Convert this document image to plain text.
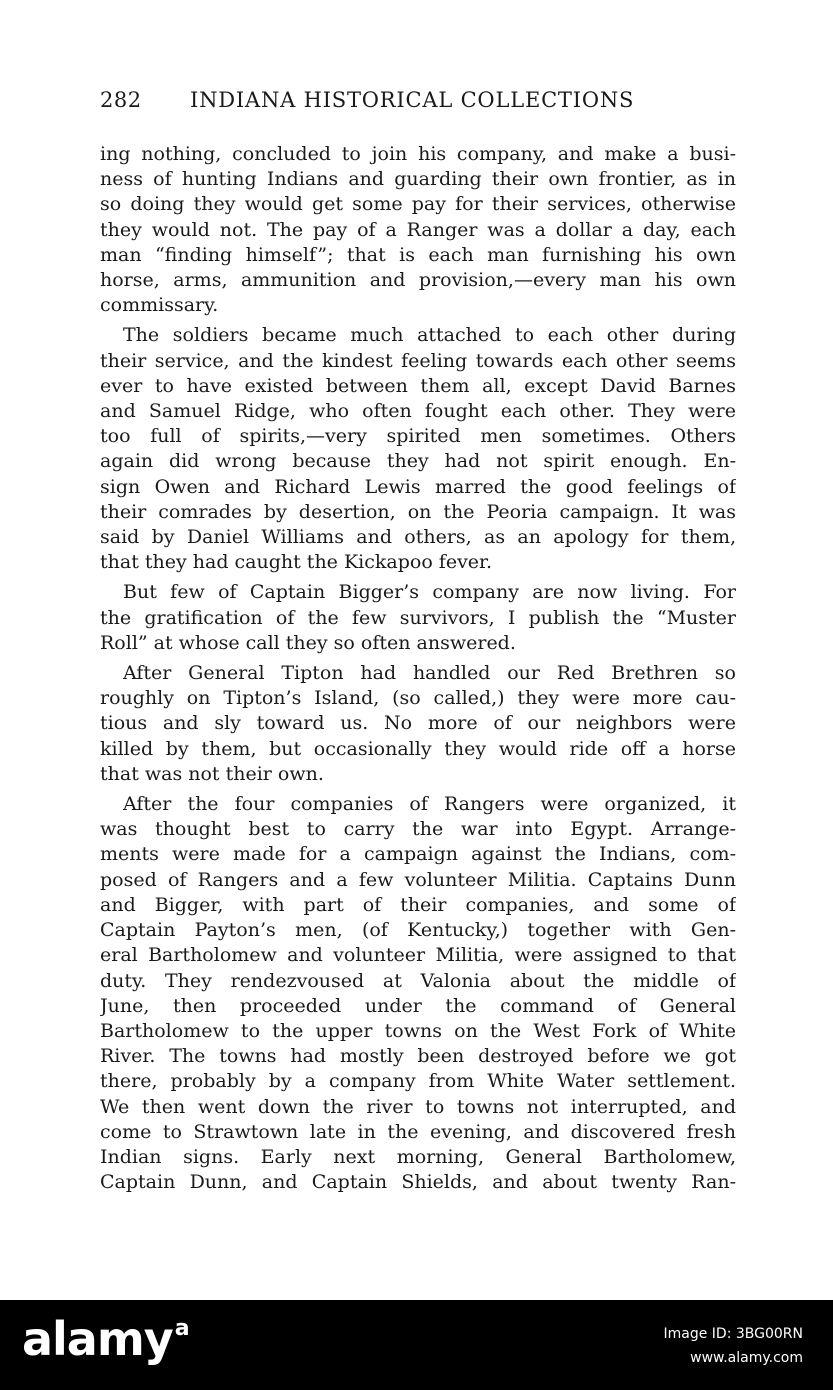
282 INDIANA HISTORICAL COLLECTIONS

ing nothing, concluded to join his company, and make a busi-
ness of hunting Indians and guarding their own frontier, as in
so doing they would get some pay for their services, otherwise
they would not. The pay of a Ranger was a dollar a day, each
man “finding himself”; that is each man furnishing his own
horse, arms, ammunition and provision,—every man his own
commissary.

The soldiers became much attached to each other during
their service, and the kindest feeling towards each other seems
ever to have existed between them all, except David Barnes
and Samuel Ridge, who often fought each other. They were
too full of spirits,—very spirited men sometimes. Others
again did wrong because they had not spirit enough. En-
sign Owen and Richard Lewis marred the good feelings of
their comrades by desertion, on the Peoria campaign. It was
said by Daniel Williams and others, as an apology for them,
that they had caught the Kickapoo fever.

But few of Captain Bigger’s company are now living. For
the gratification of the few survivors, I publish the “Muster
Roll” at whose call they so often answered.

After General Tipton had handled our Red Brethren so
roughly on Tipton’s Island, (so called,) they were more cau-
tious and sly toward us. No more of our neighbors were
killed by them, but occasionally they would ride off a horse
that was not their own.

After the four companies of Rangers were organized, it
was thought best to carry the war into Egypt. Arrange-
ments were made for a campaign against the Indians, com-
posed of Rangers and a few volunteer Militia. Captains Dunn
and Bigger, with part of their companies, and some of
Captain Payton’s men, (of Kentucky,) together with Gen-
eral Bartholomew and volunteer Militia, were assigned to that
duty. They rendezvoused at Valonia about the middle of
June, then proceeded under the command of General
Bartholomew to the upper towns on the West Fork of White
River. The towns had mostly been destroyed before we got
there, probably by a company from White Water settlement.
We then went down the river to towns not interrupted, and
come to Strawtown late in the evening, and discovered fresh
Indian signs. Early next morning, General Bartholomew,
Captain Dunn, and Captain Shields, and about twenty Ran-

alamya	Image ID: 3BG00RN
www.alamy.com
